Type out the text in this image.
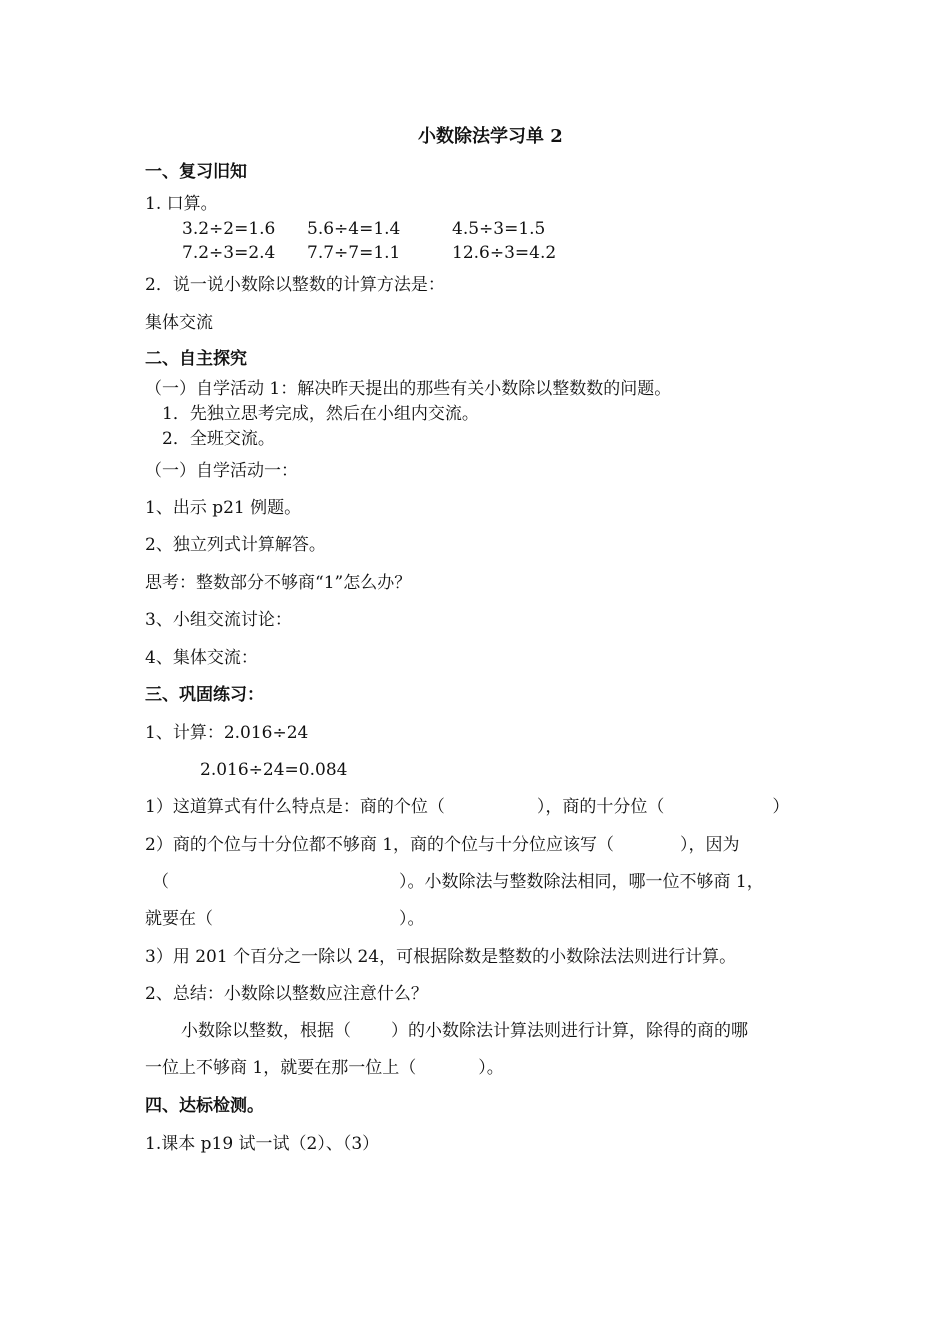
小数除法学习单 2
一、复习旧知
1. 口算。
3.2÷2=1.6 5.6÷4=1.4	4.5÷3=1.5
7.2÷3=2.4 7.7÷7=1.1	12.6÷3=4.2
2．说一说小数除以整数的计算方法是：
集体交流
二、自主探究
（一）自学活动 1：解决昨天提出的那些有关小数除以整数数的问题。
1．先独立思考完成，然后在小组内交流。
2．全班交流。
（一）自学活动一：
1、出示 p21 例题。
2、独立列式计算解答。
思考：整数部分不够商“1”怎么办？
3、小组交流讨论：
4、集体交流：
三、巩固练习：
1、计算：2.016÷24
2.016÷24=0.084
1）这道算式有什么特点是：商的个位（	），商的十分位（	）
2）商的个位与十分位都不够商 1，商的个位与十分位应该写（	），因为
（	）。小数除法与整数除法相同，哪一位不够商 1，
就要在（	）。
3）用 201 个百分之一除以 24，可根据除数是整数的小数除法法则进行计算。
2、总结：小数除以整数应注意什么？
小数除以整数，根据（ ）的小数除法计算法则进行计算，除得的商的哪
一位上不够商 1，就要在那一位上（	）。
四、达标检测。
1.课本 p19 试一试（2）、（3）
